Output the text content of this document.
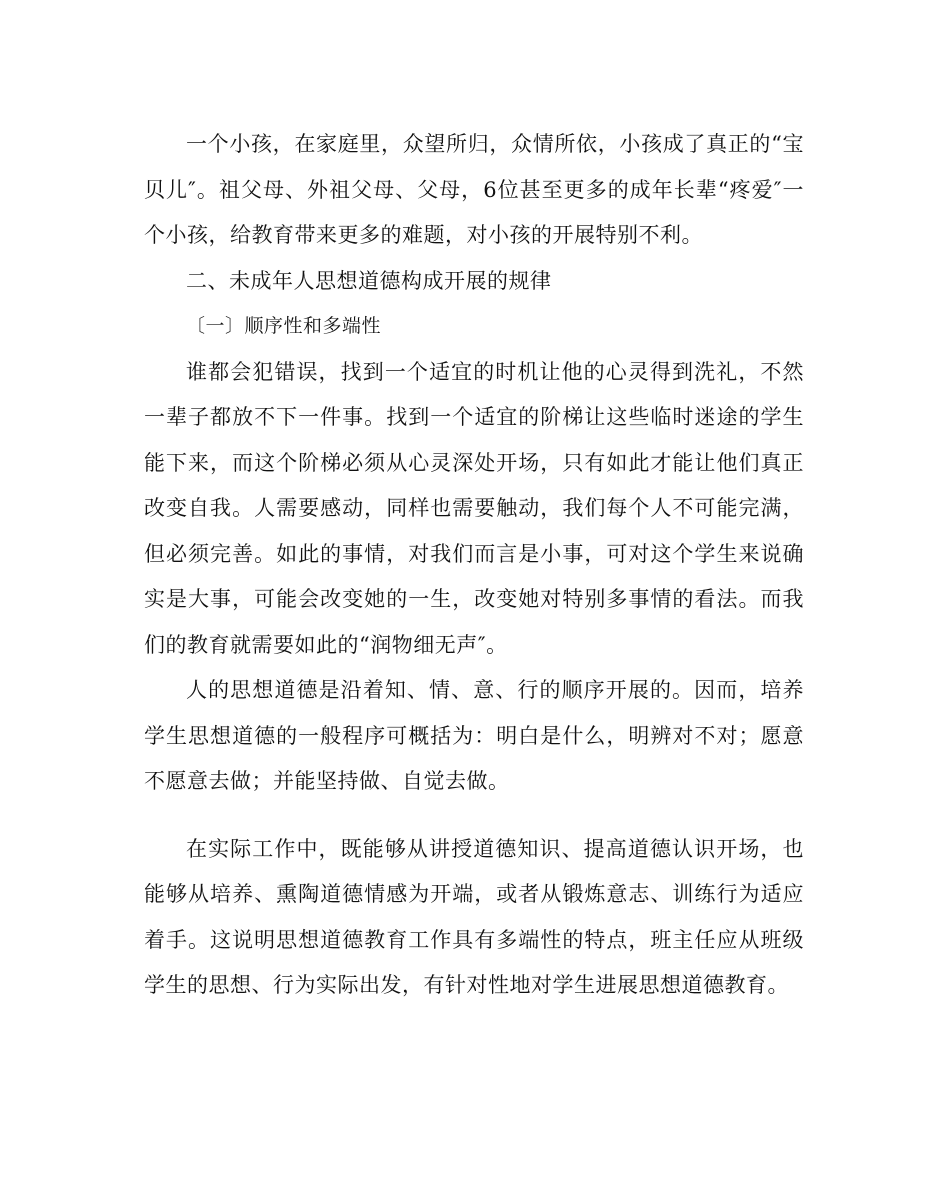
一个小孩，在家庭里，众望所归，众情所依，小孩成了真正的“宝贝儿″。祖父母、外祖父母、父母，6位甚至更多的成年长辈“疼爱″一个小孩，给教育带来更多的难题，对小孩的开展特别不利。

二、未成年人思想道德构成开展的规律

〔一〕顺序性和多端性

谁都会犯错误，找到一个适宜的时机让他的心灵得到洗礼，不然一辈子都放不下一件事。找到一个适宜的阶梯让这些临时迷途的学生能下来，而这个阶梯必须从心灵深处开场，只有如此才能让他们真正改变自我。人需要感动，同样也需要触动，我们每个人不可能完满，但必须完善。如此的事情，对我们而言是小事，可对这个学生来说确实是大事，可能会改变她的一生，改变她对特别多事情的看法。而我们的教育就需要如此的“润物细无声″。

人的思想道德是沿着知、情、意、行的顺序开展的。因而，培养学生思想道德的一般程序可概括为：明白是什么，明辨对不对；愿意不愿意去做；并能坚持做、自觉去做。

在实际工作中，既能够从讲授道德知识、提高道德认识开场，也能够从培养、熏陶道德情感为开端，或者从锻炼意志、训练行为适应着手。这说明思想道德教育工作具有多端性的特点，班主任应从班级学生的思想、行为实际出发，有针对性地对学生进展思想道德教育。
